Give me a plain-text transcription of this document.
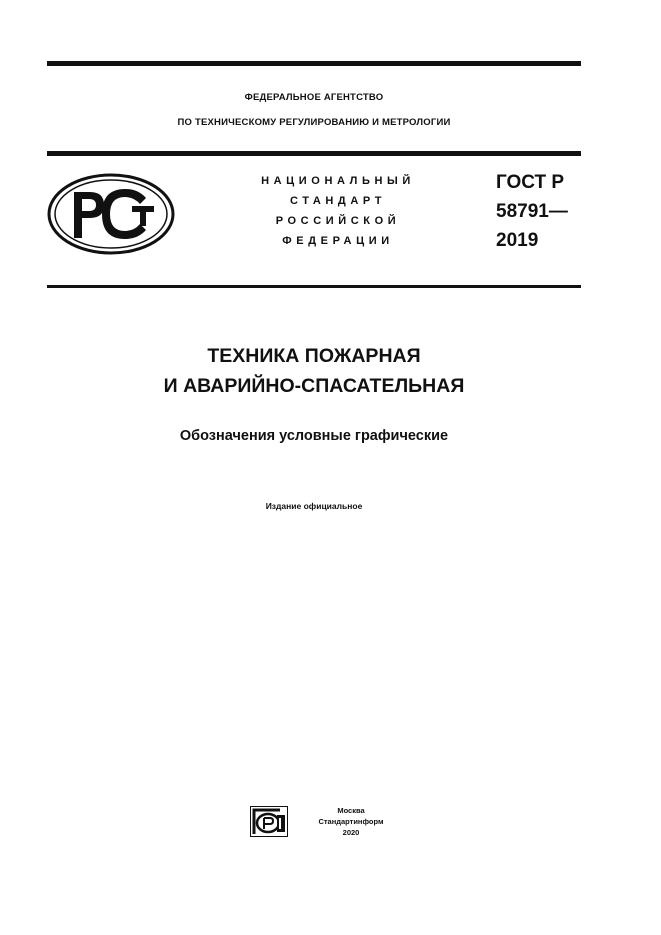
ФЕДЕРАЛЬНОЕ АГЕНТСТВО
ПО ТЕХНИЧЕСКОМУ РЕГУЛИРОВАНИЮ И МЕТРОЛОГИИ
НАЦИОНАЛЬНЫЙ
СТАНДАРТ
РОССИЙСКОЙ
ФЕДЕРАЦИИ
ГОСТ Р
58791—
2019
ТЕХНИКА ПОЖАРНАЯ
И АВАРИЙНО-СПАСАТЕЛЬНАЯ
Обозначения условные графические
Издание официальное
Москва
Стандартинформ
2020
